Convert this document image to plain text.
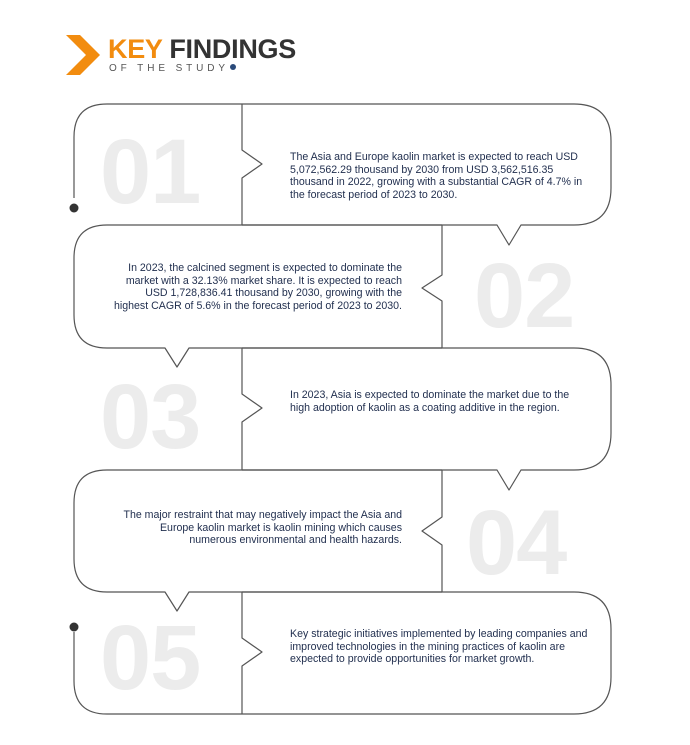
KEY FINDINGS
OF THE STUDY
01
02
03
04
05
The Asia and Europe kaolin market is expected to reach USD 5,072,562.29 thousand by 2030 from USD 3,562,516.35 thousand in 2022, growing with a substantial CAGR of 4.7% in the forecast period of 2023 to 2030.
In 2023, the calcined segment is expected to dominate the market with a 32.13% market share. It is expected to reach USD 1,728,836.41 thousand by 2030, growing with the highest CAGR of 5.6% in the forecast period of 2023 to 2030.
In 2023, Asia is expected to dominate the market due to the high adoption of kaolin as a coating additive in the region.
The major restraint that may negatively impact the Asia and Europe kaolin market is kaolin mining which causes numerous environmental and health hazards.
Key strategic initiatives implemented by leading companies and improved technologies in the mining practices of kaolin are expected to provide opportunities for market growth.
